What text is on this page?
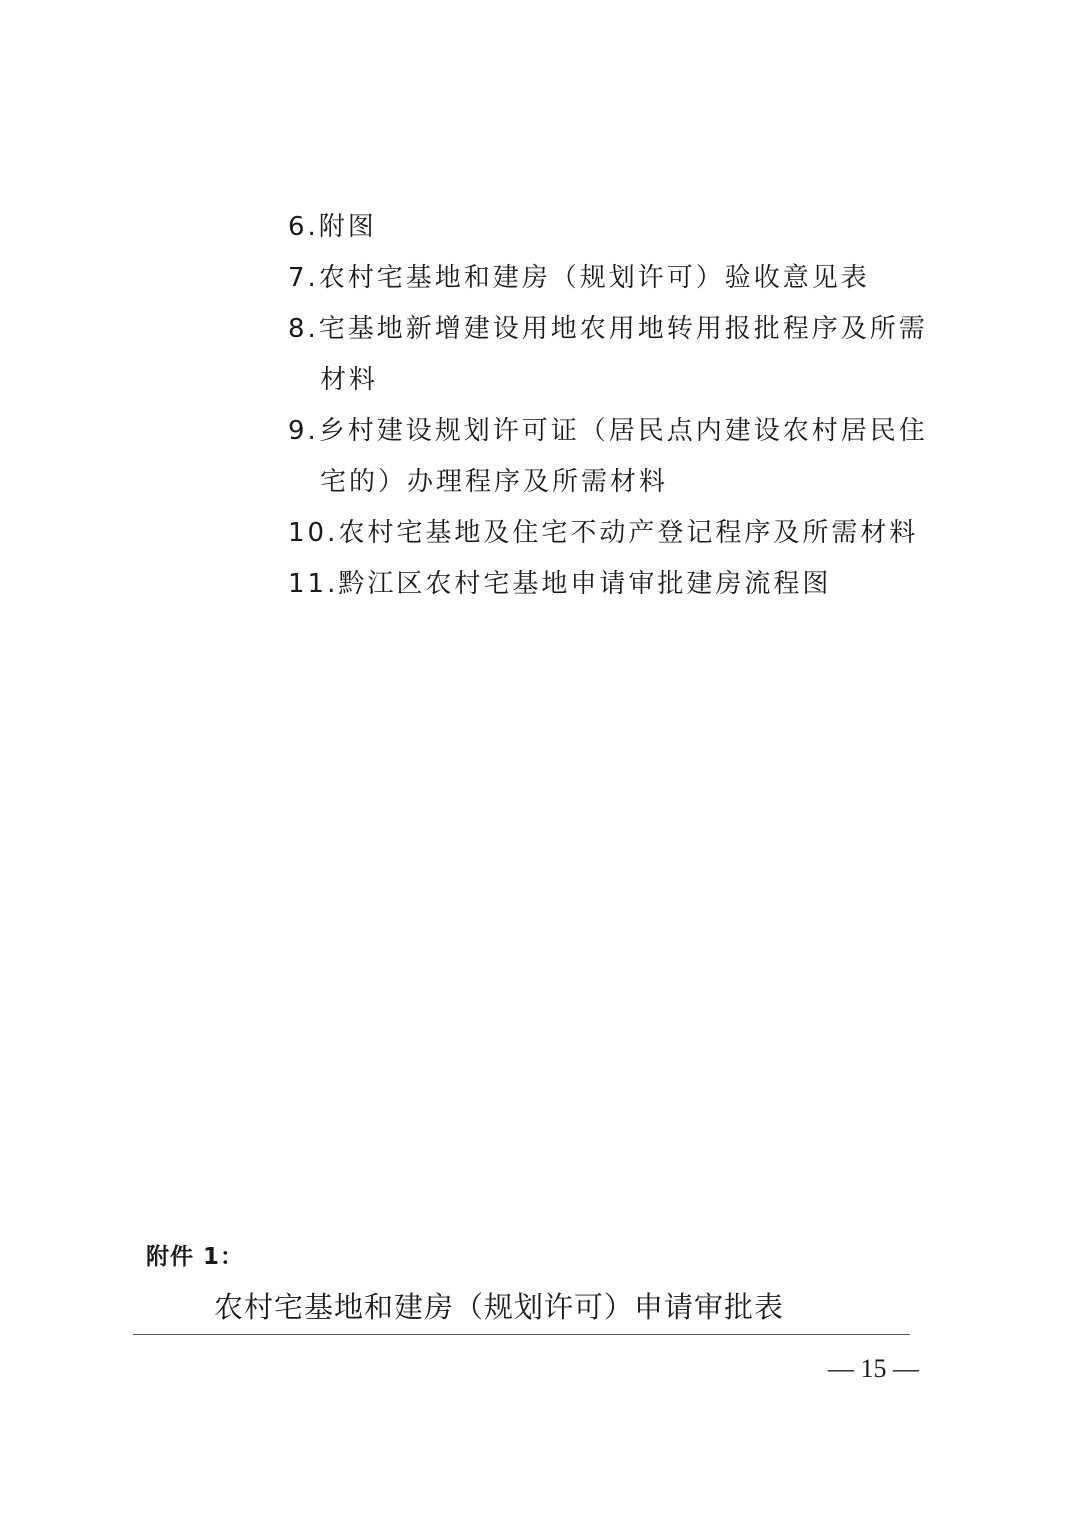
6.附图
7.农村宅基地和建房（规划许可）验收意见表
8.宅基地新增建设用地农用地转用报批程序及所需材料
9.乡村建设规划许可证（居民点内建设农村居民住宅的）办理程序及所需材料
10.农村宅基地及住宅不动产登记程序及所需材料
11.黔江区农村宅基地申请审批建房流程图
附件 1：
农村宅基地和建房（规划许可）申请审批表
— 15 —
